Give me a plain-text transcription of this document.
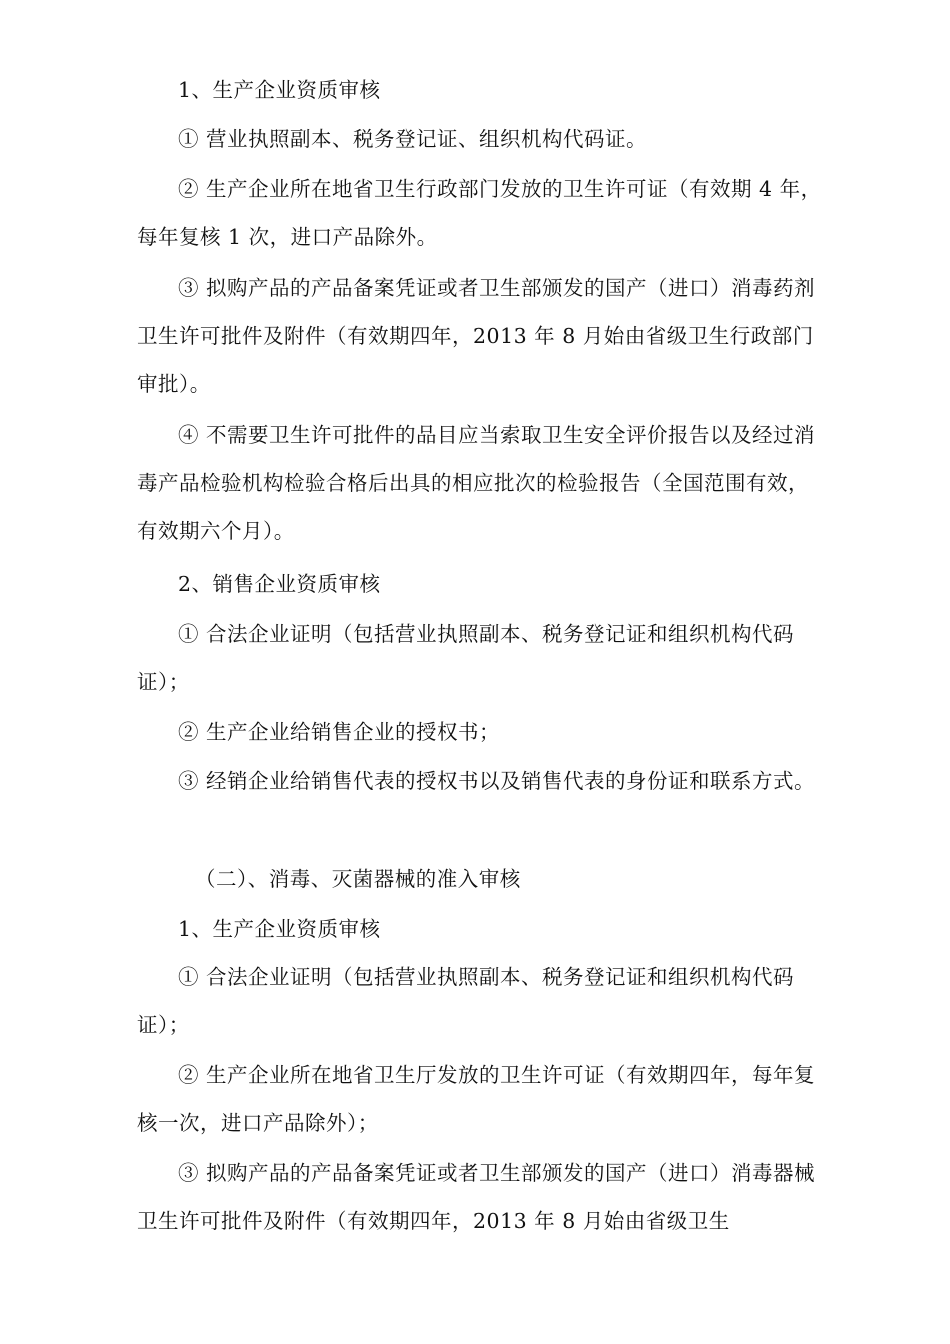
1、生产企业资质审核

① 营业执照副本、税务登记证、组织机构代码证。

② 生产企业所在地省卫生行政部门发放的卫生许可证（有效期 4 年，每年复核 1 次，进口产品除外。

③ 拟购产品的产品备案凭证或者卫生部颁发的国产（进口）消毒药剂卫生许可批件及附件（有效期四年，2013 年 8 月始由省级卫生行政部门审批）。

④ 不需要卫生许可批件的品目应当索取卫生安全评价报告以及经过消毒产品检验机构检验合格后出具的相应批次的检验报告（全国范围有效，有效期六个月）。

2、销售企业资质审核

① 合法企业证明（包括营业执照副本、税务登记证和组织机构代码证）；

② 生产企业给销售企业的授权书；

③ 经销企业给销售代表的授权书以及销售代表的身份证和联系方式。

（二）、消毒、灭菌器械的准入审核

1、生产企业资质审核

① 合法企业证明（包括营业执照副本、税务登记证和组织机构代码证）；

② 生产企业所在地省卫生厅发放的卫生许可证（有效期四年，每年复核一次，进口产品除外）；

③ 拟购产品的产品备案凭证或者卫生部颁发的国产（进口）消毒器械卫生许可批件及附件（有效期四年，2013 年 8 月始由省级卫生
